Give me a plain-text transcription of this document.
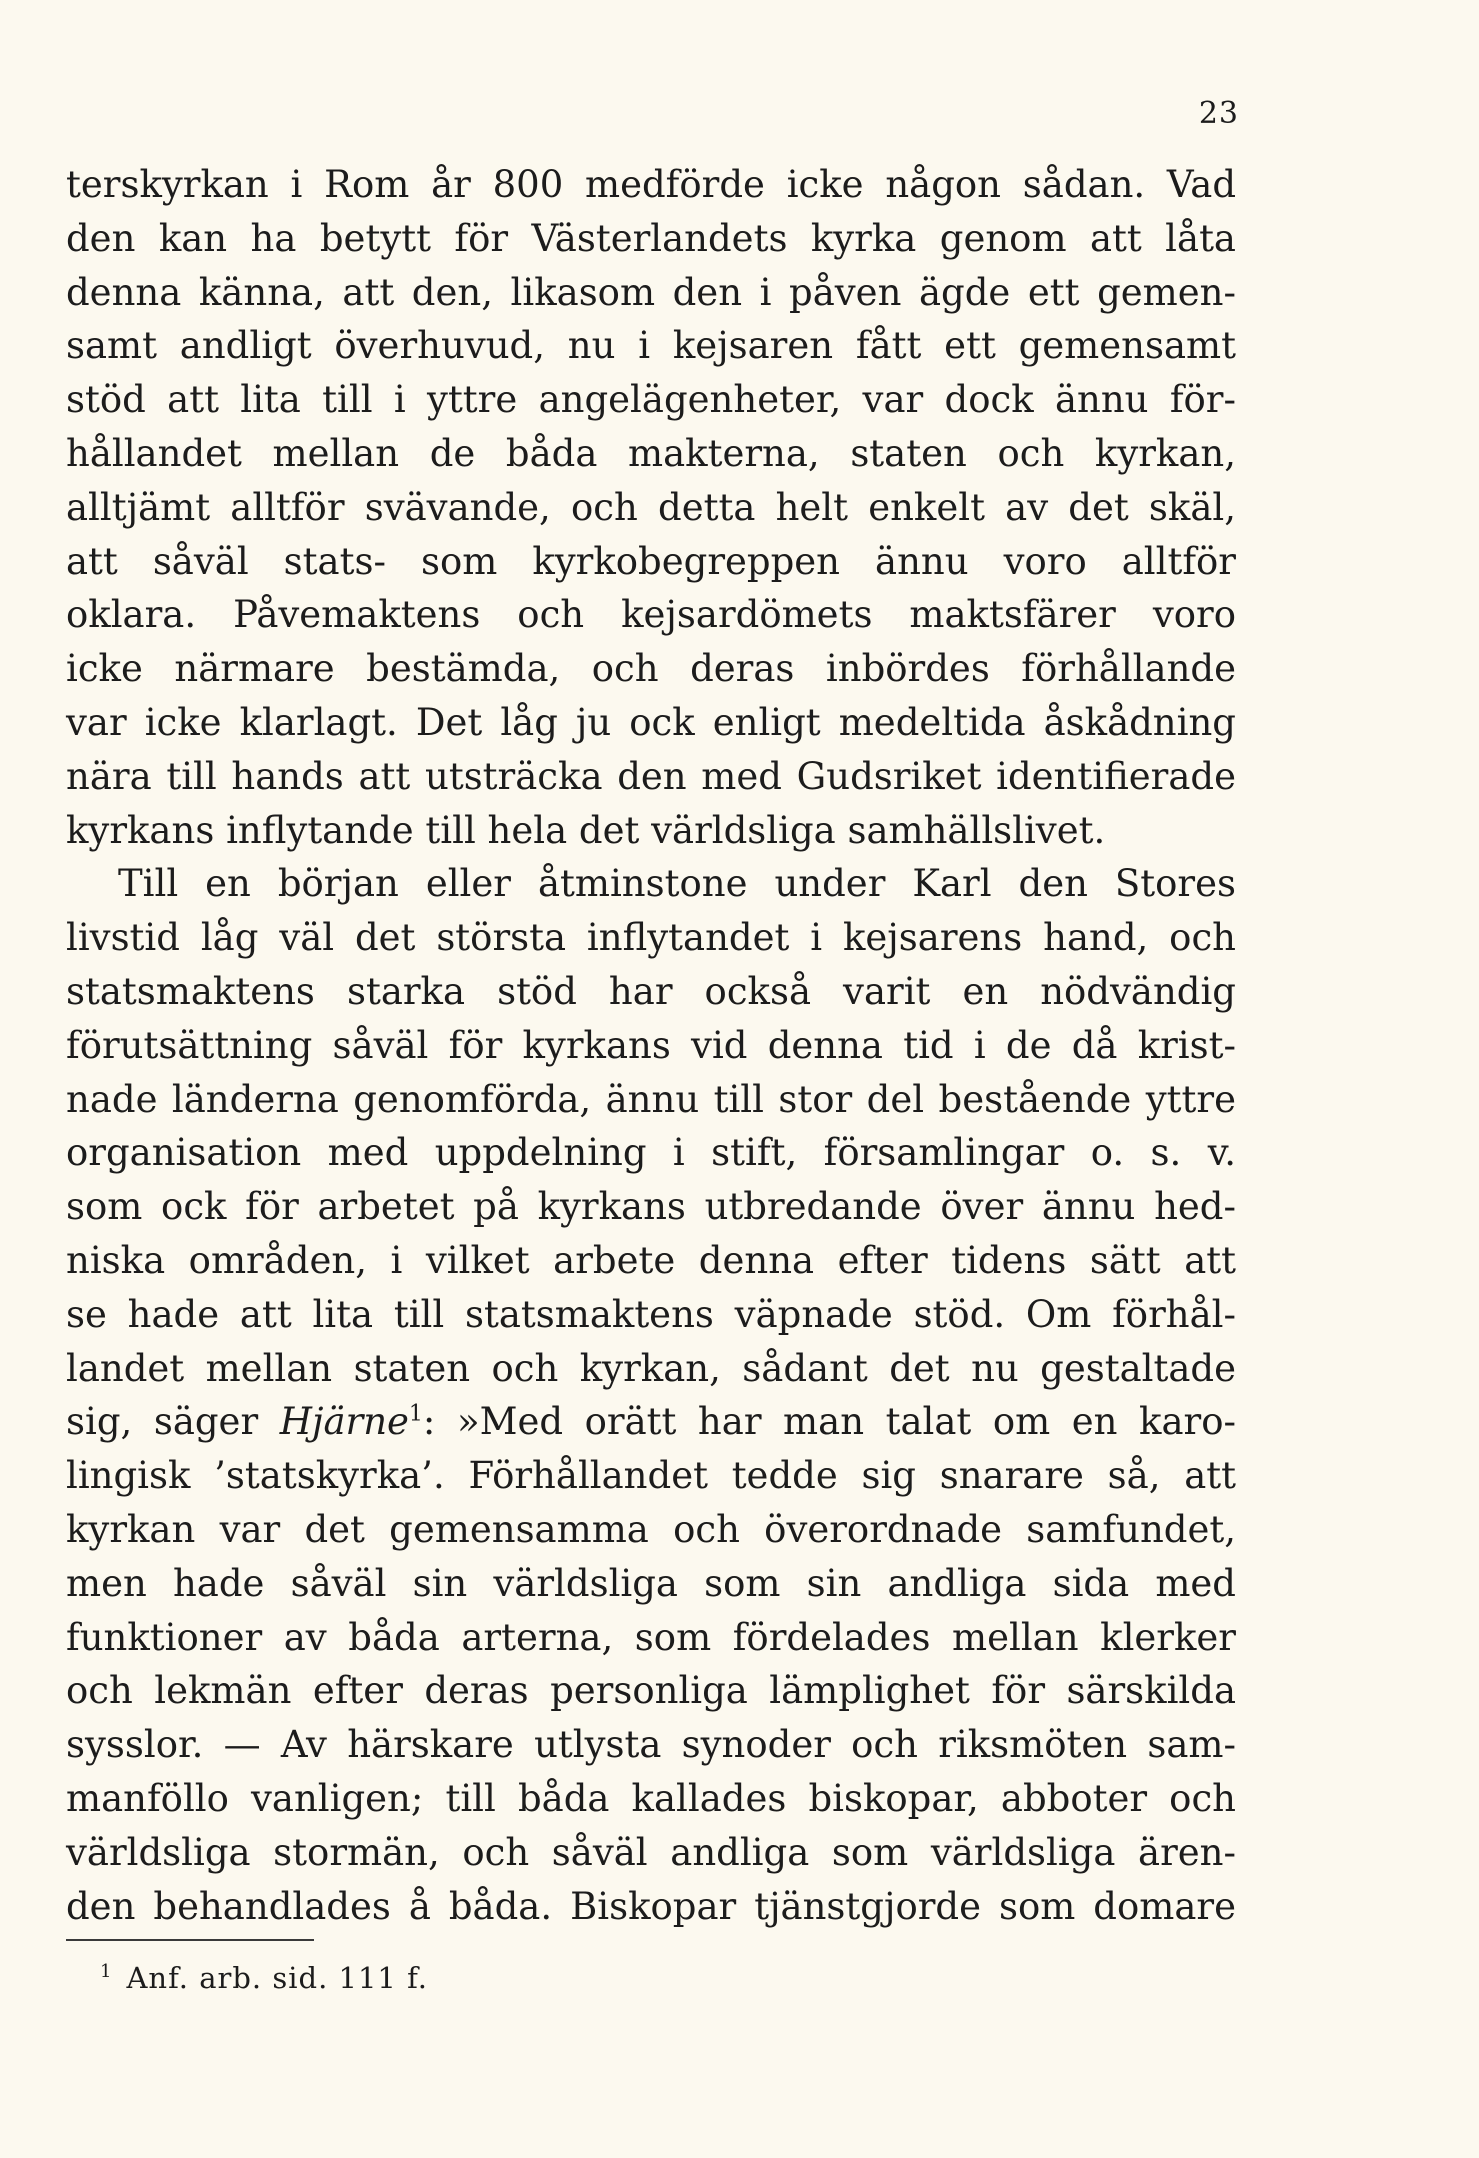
23
terskyrkan i Rom år 800 medförde icke någon sådan. Vad
den kan ha betytt för Västerlandets kyrka genom att låta
denna känna, att den, likasom den i påven ägde ett gemen-
samt andligt överhuvud, nu i kejsaren fått ett gemensamt
stöd att lita till i yttre angelägenheter, var dock ännu för-
hållandet mellan de båda makterna, staten och kyrkan,
alltjämt alltför svävande, och detta helt enkelt av det skäl,
att såväl stats- som kyrkobegreppen ännu voro alltför
oklara. Påvemaktens och kejsardömets maktsfärer voro
icke närmare bestämda, och deras inbördes förhållande
var icke klarlagt. Det låg ju ock enligt medeltida åskådning
nära till hands att utsträcka den med Gudsriket identifierade
kyrkans inflytande till hela det världsliga samhällslivet.
Till en början eller åtminstone under Karl den Stores
livstid låg väl det största inflytandet i kejsarens hand, och
statsmaktens starka stöd har också varit en nödvändig
förutsättning såväl för kyrkans vid denna tid i de då krist-
nade länderna genomförda, ännu till stor del bestående yttre
organisation med uppdelning i stift, församlingar o. s. v.
som ock för arbetet på kyrkans utbredande över ännu hed-
niska områden, i vilket arbete denna efter tidens sätt att
se hade att lita till statsmaktens väpnade stöd. Om förhål-
landet mellan staten och kyrkan, sådant det nu gestaltade
sig, säger Hjärne$^1$: »Med orätt har man talat om en karo-
lingisk ’statskyrka’. Förhållandet tedde sig snarare så, att
kyrkan var det gemensamma och överordnade samfundet,
men hade såväl sin världsliga som sin andliga sida med
funktioner av båda arterna, som fördelades mellan klerker
och lekmän efter deras personliga lämplighet för särskilda
sysslor. — Av härskare utlysta synoder och riksmöten sam-
manföllo vanligen; till båda kallades biskopar, abboter och
världsliga stormän, och såväl andliga som världsliga ären-
den behandlades å båda. Biskopar tjänstgjorde som domare
$^1$ Anf. arb. sid. 111 f.
